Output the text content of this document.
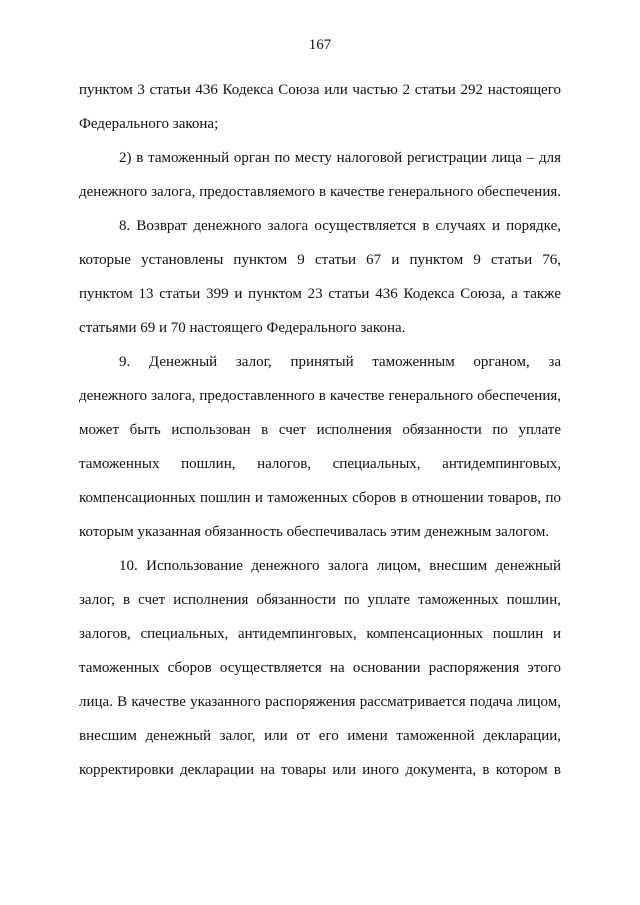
167
пунктом 3 статьи 436 Кодекса Союза или частью 2 статьи 292 настоящего
Федерального закона;
2) в таможенный орган по месту налоговой регистрации лица – для
денежного залога, предоставляемого в качестве генерального обеспечения.
8. Возврат денежного залога осуществляется в случаях и порядке,
которые установлены пунктом 9 статьи 67 и пунктом 9 статьи 76,
пунктом 13 статьи 399 и пунктом 23 статьи 436 Кодекса Союза, а также
статьями 69 и 70 настоящего Федерального закона.
9. Денежный залог, принятый таможенным органом, за
денежного залога, предоставленного в качестве генерального обеспечения,
может быть использован в счет исполнения обязанности по уплате
таможенных пошлин, налогов, специальных, антидемпинговых,
компенсационных пошлин и таможенных сборов в отношении товаров, по
которым указанная обязанность обеспечивалась этим денежным залогом.
10. Использование денежного залога лицом, внесшим денежный
залог, в счет исполнения обязанности по уплате таможенных пошлин,
залогов, специальных, антидемпинговых, компенсационных пошлин и
таможенных сборов осуществляется на основании распоряжения этого
лица. В качестве указанного распоряжения рассматривается подача лицом,
внесшим денежный залог, или от его имени таможенной декларации,
корректировки декларации на товары или иного документа, в котором в
